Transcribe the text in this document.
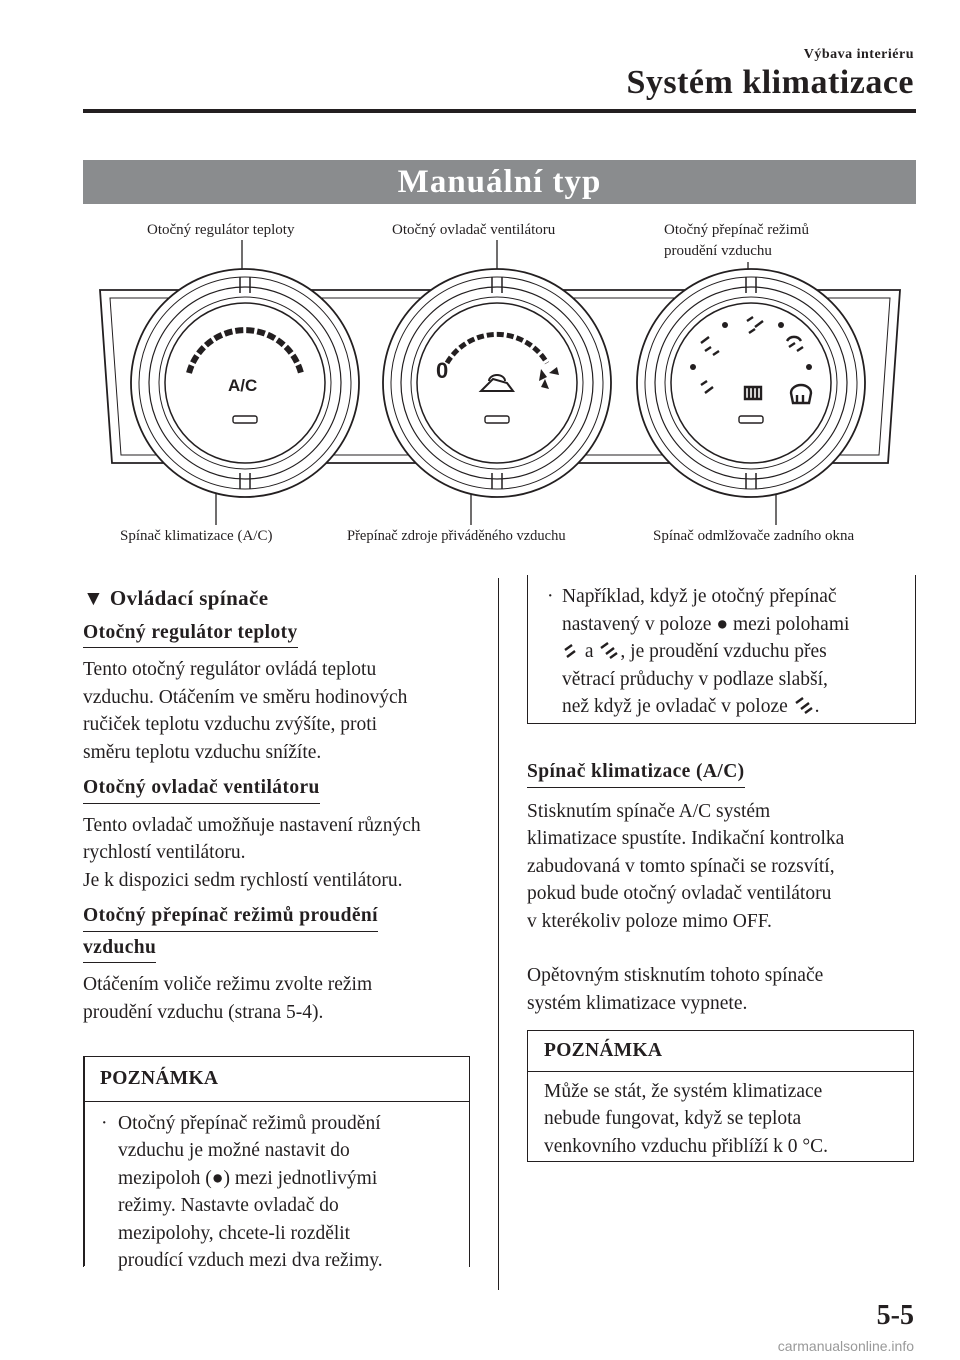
Výbava interiéru
Systém klimatizace
Manuální typ
Otočný regulátor teploty	Otočný ovladač ventilátoru	Otočný přepínač režimů
proudění vzduchu
Spínač klimatizace (A/C)	Přepínač zdroje přiváděného vzduchu	Spínač odmlžovače zadního okna
A/C
0
▼ Ovládací spínače
Otočný regulátor teploty
Tento otočný regulátor ovládá teplotu
vzduchu. Otáčením ve směru hodinových
ručiček teplotu vzduchu zvýšíte, proti
směru teplotu vzduchu snížíte.
Otočný ovladač ventilátoru
Tento ovladač umožňuje nastavení různých
rychlostí ventilátoru.
Je k dispozici sedm rychlostí ventilátoru.
Otočný přepínač režimů proudění
vzduchu
Otáčením voliče režimu zvolte režim
proudění vzduchu (strana 5-4).
POZNÁMKA
· Otočný přepínač režimů proudění
vzduchu je možné nastavit do
mezipoloh (●) mezi jednotlivými
režimy. Nastavte ovladač do
mezipolohy, chcete-li rozdělit
proudící vzduch mezi dva režimy.
· Například, když je otočný přepínač
nastavený v poloze ● mezi polohami
a , je proudění vzduchu přes
větrací průduchy v podlaze slabší,
než když je ovladač v poloze .
Spínač klimatizace (A/C)
Stisknutím spínače A/C systém
klimatizace spustíte. Indikační kontrolka
zabudovaná v tomto spínači se rozsvítí,
pokud bude otočný ovladač ventilátoru
v kterékoliv poloze mimo OFF.
Opětovným stisknutím tohoto spínače
systém klimatizace vypnete.
POZNÁMKA
Může se stát, že systém klimatizace
nebude fungovat, když se teplota
venkovního vzduchu přiblíží k 0 °C.
5-5
carmanualsonline.info
